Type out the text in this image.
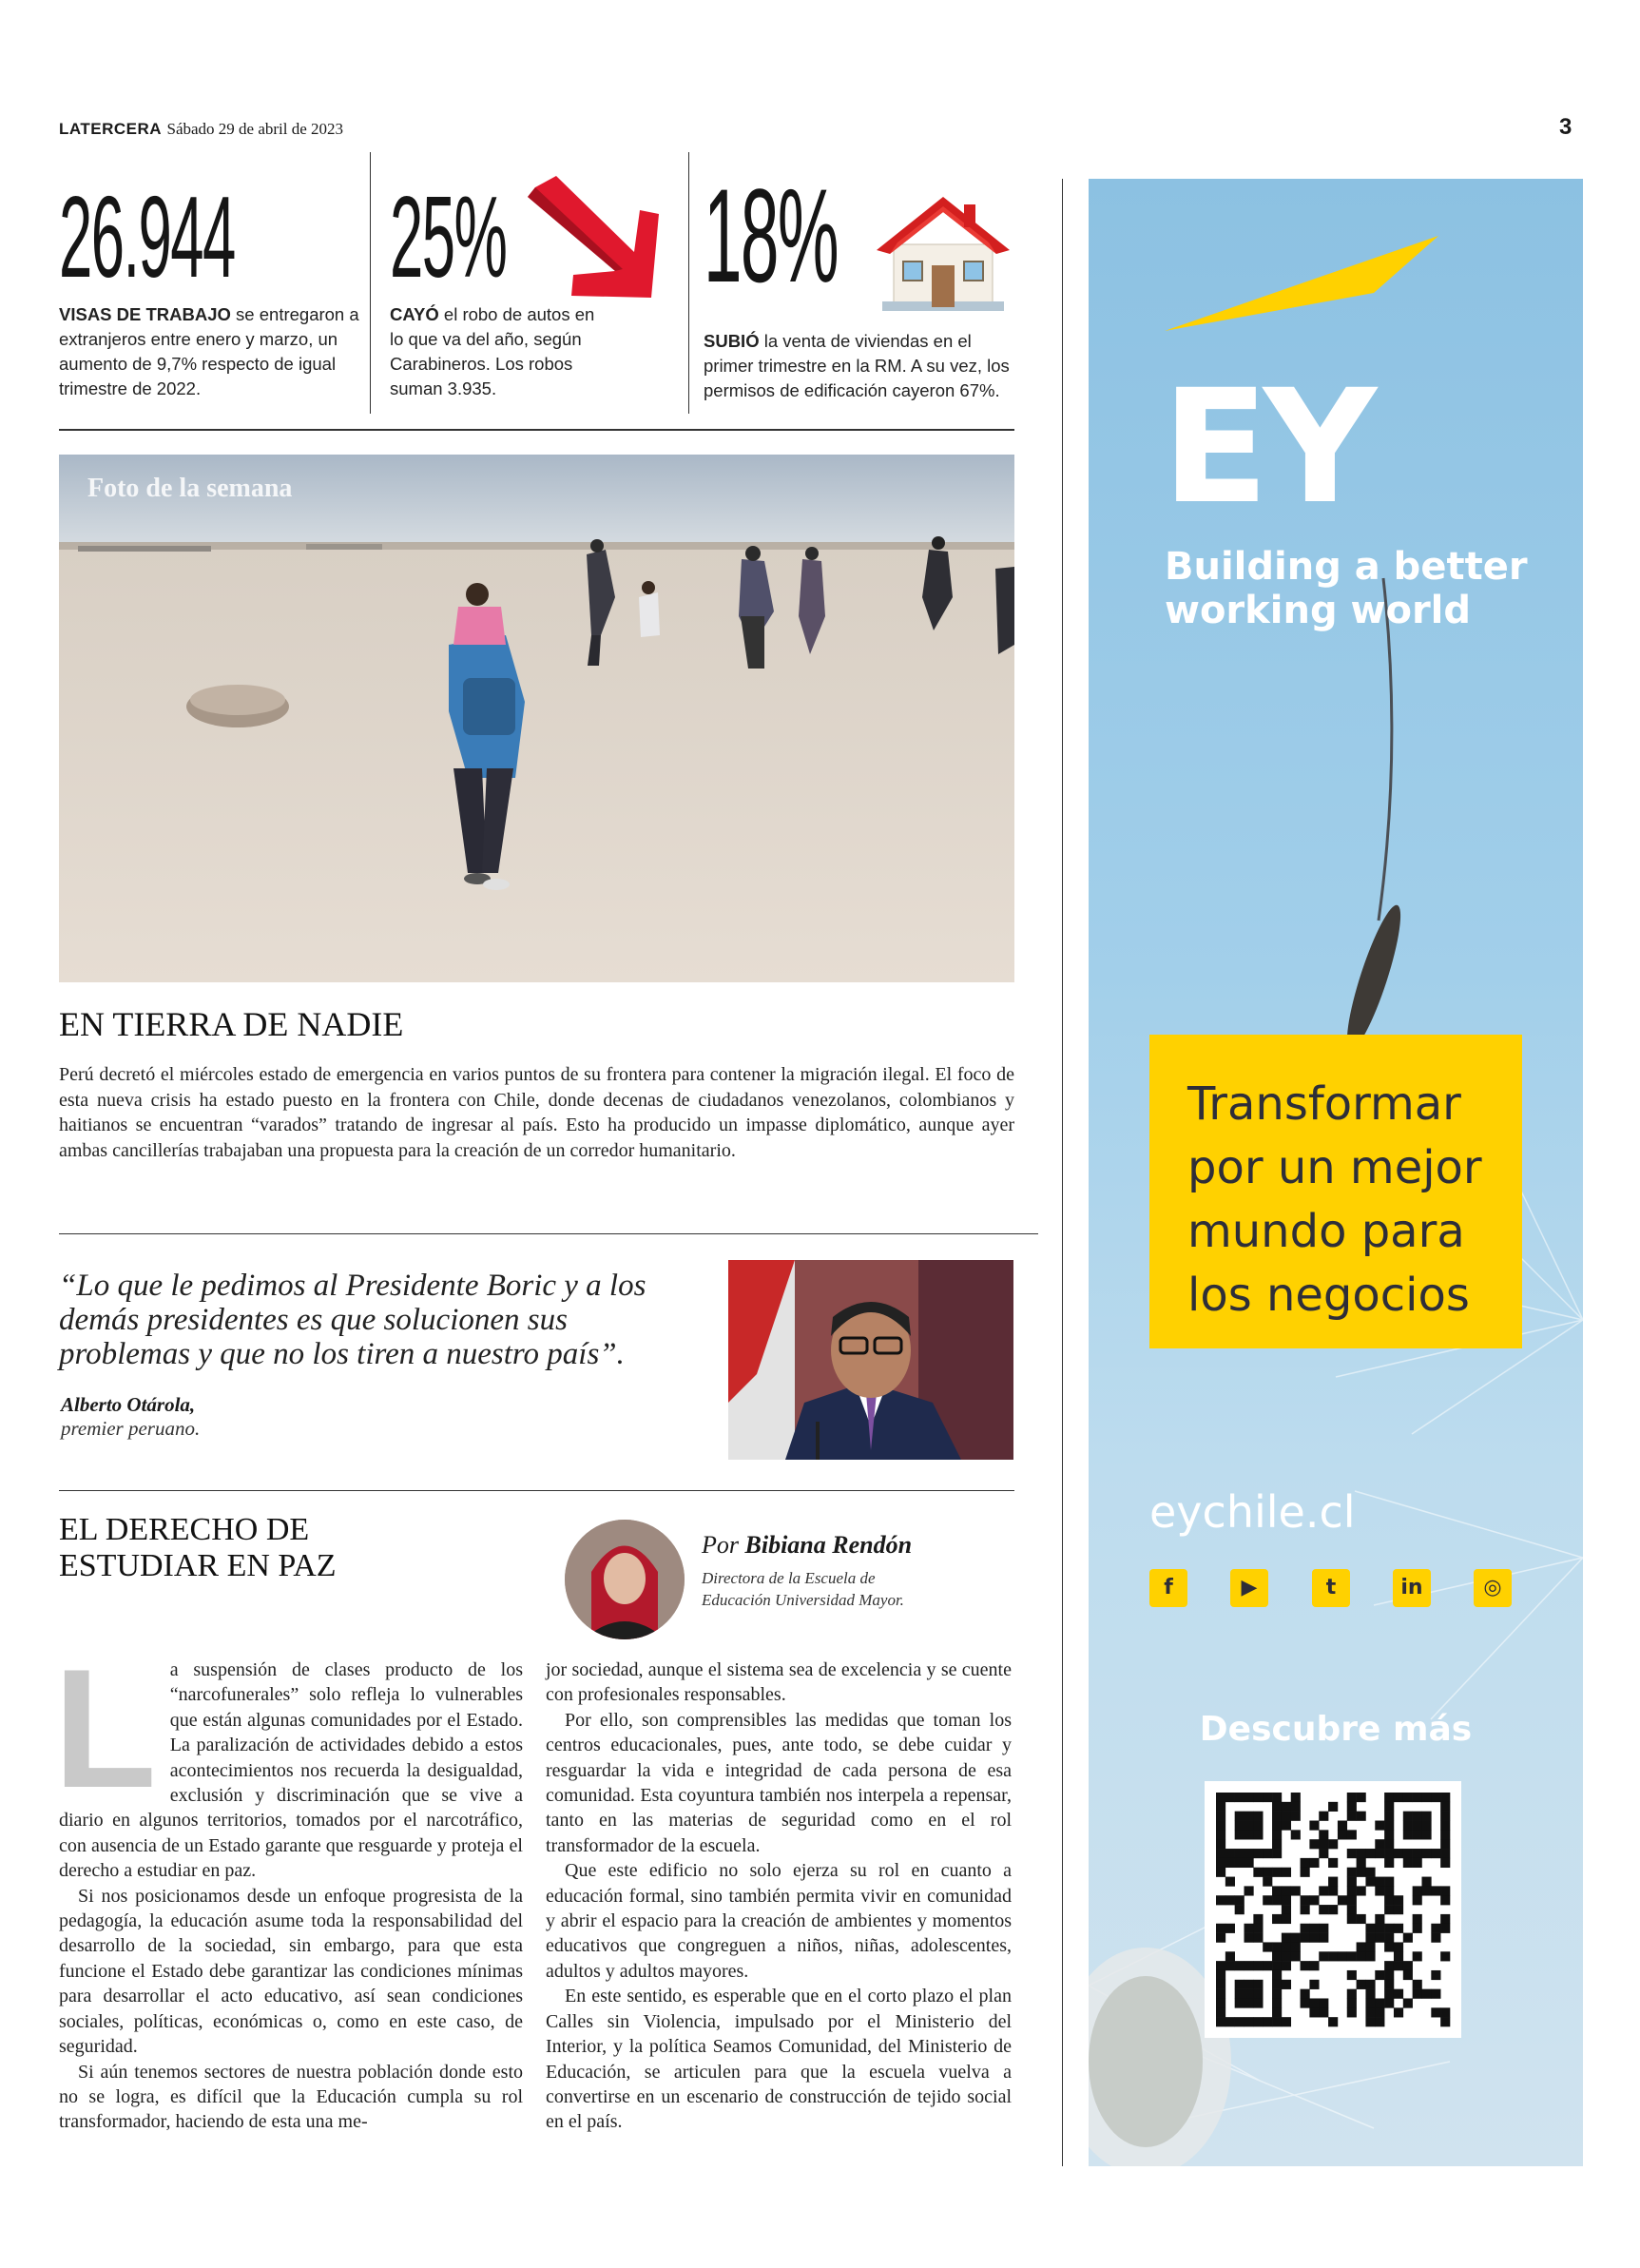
LATERCERA Sábado 29 de abril de 2023	3
26.944
VISAS DE TRABAJO se entregaron a extranjeros entre enero y marzo, un aumento de 9,7% respecto de igual trimestre de 2022.
25%
CAYÓ el robo de autos en lo que va del año, según Carabineros. Los robos suman 3.935.
18%
SUBIÓ la venta de viviendas en el primer trimestre en la RM. A su vez, los permisos de edificación cayeron 67%.
Foto de la semana
EN TIERRA DE NADIE
Perú decretó el miércoles estado de emergencia en varios puntos de su frontera para contener la migración ilegal. El foco de esta nueva crisis ha estado puesto en la frontera con Chile, donde decenas de ciudadanos venezolanos, colombianos y haitianos se encuentran “varados” tratando de ingresar al país. Esto ha producido un impasse diplomático, aunque ayer ambas cancillerías trabajaban una propuesta para la creación de un corredor humanitario.
“Lo que le pedimos al Presidente Boric y a los demás presidentes es que solucionen sus problemas y que no los tiren a nuestro país”.
Alberto Otárola,
premier peruano.
EL DERECHO DE
ESTUDIAR EN PAZ
Por Bibiana Rendón
Directora de la Escuela de
Educación Universidad Mayor.

La suspensión de clases producto de los “narcofunerales” solo refleja lo vulnerables que están algunas comunidades por el Estado. La paralización de actividades debido a estos acontecimientos nos recuerda la desigualdad, exclusión y discriminación que se vive a diario en algunos territorios, tomados por el narcotráfico, con ausencia de un Estado garante que resguarde y proteja el derecho a estudiar en paz.

Si nos posicionamos desde un enfoque progresista de la pedagogía, la educación asume toda la responsabilidad del desarrollo de la sociedad, sin embargo, para que esta funcione el Estado debe garantizar las condiciones mínimas para desarrollar el acto educativo, así sean condiciones sociales, políticas, económicas o, como en este caso, de seguridad.

Si aún tenemos sectores de nuestra población donde esto no se logra, es difícil que la Educación cumpla su rol transformador, haciendo de esta una me-

jor sociedad, aunque el sistema sea de excelencia y se cuente con profesionales responsables.

Por ello, son comprensibles las medidas que toman los centros educacionales, pues, ante todo, se debe cuidar y resguardar la vida e integridad de cada persona de esa comunidad. Esta coyuntura también nos interpela a repensar, tanto en las materias de seguridad como en el rol transformador de la escuela.

Que este edificio no solo ejerza su rol en cuanto a educación formal, sino también permita vivir en comunidad y abrir el espacio para la creación de ambientes y momentos educativos que congreguen a niños, niñas, adolescentes, adultos y adultos mayores.

En este sentido, es esperable que en el corto plazo el plan Calles sin Violencia, impulsado por el Ministerio del Interior, y la política Seamos Comunidad, del Ministerio de Educación, se articulen para que la escuela vuelva a convertirse en un escenario de construcción de tejido social en el país.

EY
Building a better
working world
Transformar
por un mejor
mundo para
los negocios
eychile.cl
f	▶	t	in	◎
Descubre más
